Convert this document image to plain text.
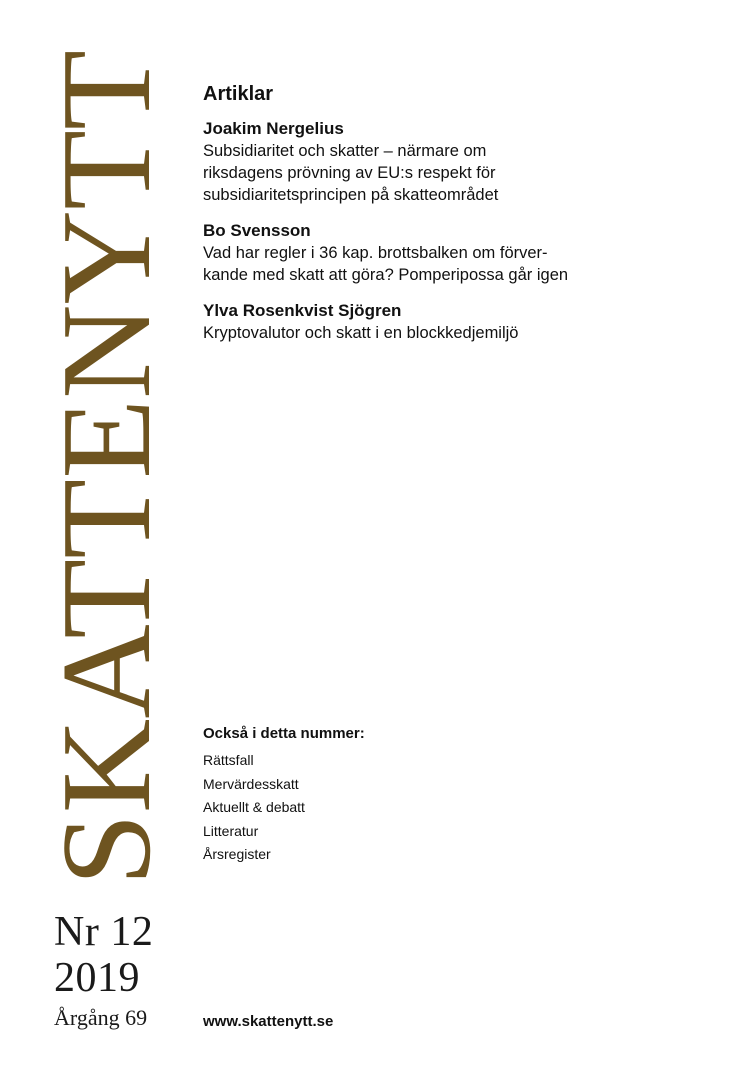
SKATTENYTT
Nr 12
2019
Årgång 69
Artiklar
Joakim Nergelius
Subsidiaritet och skatter – närmare om
riksdagens prövning av EU:s respekt för
subsidiaritetsprincipen på skatteområdet
Bo Svensson
Vad har regler i 36 kap. brottsbalken om förver-
kande med skatt att göra? Pomperipossa går igen
Ylva Rosenkvist Sjögren
Kryptovalutor och skatt i en blockkedjemiljö
Också i detta nummer:
Rättsfall
Mervärdesskatt
Aktuellt & debatt
Litteratur
Årsregister
www.skattenytt.se
